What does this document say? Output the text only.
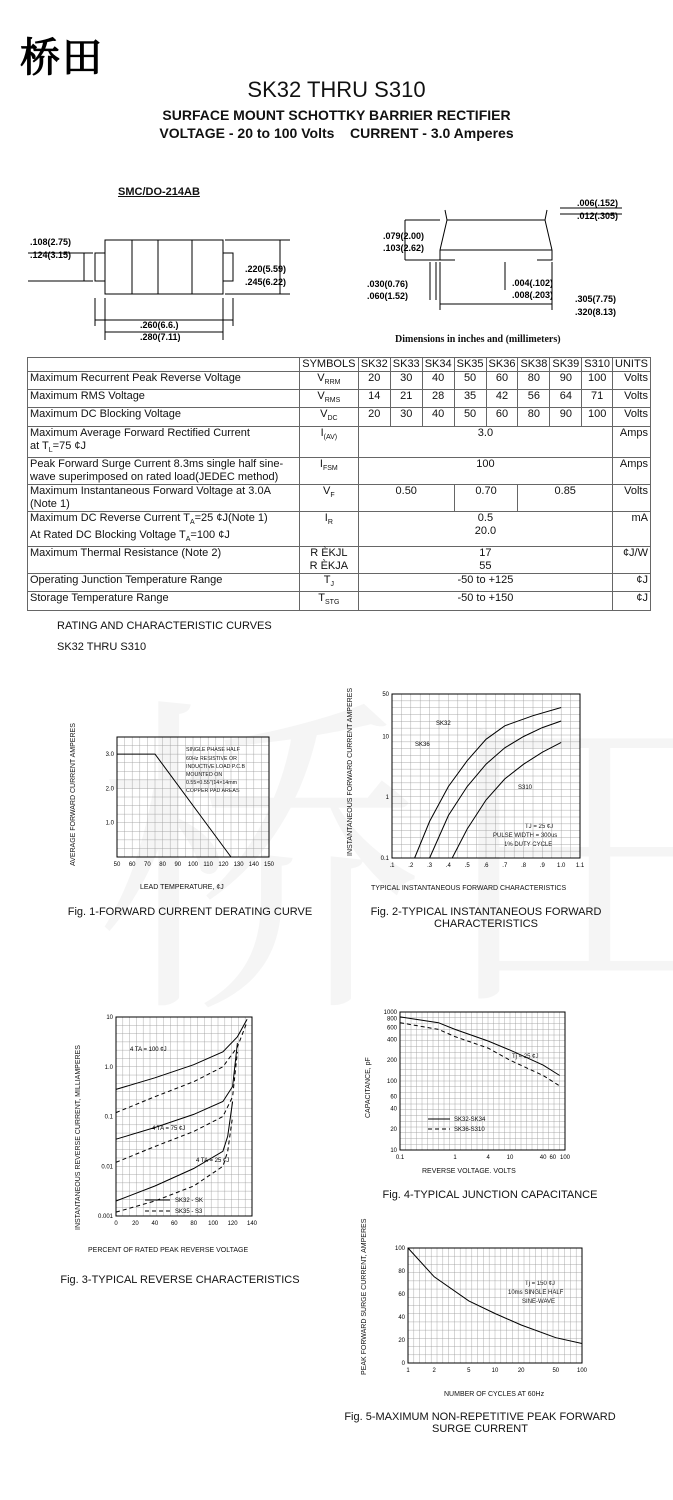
桥田
SK32 THRU S310
SURFACE MOUNT SCHOTTKY BARRIER RECTIFIER
VOLTAGE - 20 to 100 Volts    CURRENT - 3.0 Amperes
SMC/DO-214AB
.108(2.75)
.124(3.15)
.220(5.59)
.245(6.22)
.260(6.6.)
.280(7.11)
.079(2.00)
.103(2.62)
.006(.152)
.012(.305)
.030(0.76)
.060(1.52)
.004(.102)
.008(.203) .305(7.75)
.320(8.13)
Dimensions in inches and (millimeters)
	SYMBOLS	SK32	SK33	SK34	SK35	SK36	SK38	SK39	S310	UNITS
Maximum Recurrent Peak Reverse Voltage	$V_{RRM}$	20	30	40	50	60	80	90	100	Volts
Maximum RMS Voltage	$V_{RMS}$	14	21	28	35	42	56	64	71	Volts
Maximum DC Blocking Voltage	$V_{DC}$	20	30	40	50	60	80	90	100	Volts
Maximum Average Forward Rectified Current
at $T_L=75$ ¢J	$I_{(AV)}$	3.0								Amps
Peak Forward Surge Current 8.3ms single half sine-
wave superimposed on rated load(JEDEC method)	$I_{FSM}$	100								Amps
Maximum Instantaneous Forward Voltage at 3.0A
(Note 1)	$V_F$	0.50			0.70		0.85			Volts
Maximum DC Reverse Current $T_A=25$ ¢J(Note 1)
At Rated DC Blocking Voltage $T_A=100$ ¢J	$I_R$	0.5
20.0								mA
Maximum Thermal Resistance (Note 2)	R ÈKJL
R ÈKJA	17
55								¢J/W
Operating Junction Temperature Range	$T_J$	-50 to +125								¢J
Storage Temperature Range	$T_{STG}$	-50 to +150								¢J
RATING AND CHARACTERISTIC CURVES
SK32 THRU S310
AVERAGE FORWARD CURRENT AMPERES
LEAD TEMPERATURE, ¢J
SINGLE PHASE HALF
60Hz RESISTIVE OR
INDUCTIVE LOAD P.C.B
MOUNTED ON
0.55×0.55"(14×14mm
COPPER PAD AREAS	INSTANTANEOUS FORWARD CURRENT AMPERES
TYPICAL INSTANTANEOUS FORWARD CHARACTERISTICS
TJ = 25 ¢J
PULSE WIDTH = 300us
1% DUTY CYCLE
INSTANTANEOUS REVERSE CURRENT, MILLIAMPERES
PERCENT OF RATED PEAK REVERSE VOLTAGE
CAPACITANCE, pF
REVERSE VOLTAGE. VOLTS
Tj = 25 ¢J
PEAK FORWARD SURGE CURRENT, AMPERES
NUMBER OF CYCLES AT 60Hz
Tj = 150 ¢J
10ms SINGLE HALF
SINE-WAVE
50 60 70 80 90 100 110 120 130 140 150
1.0
2.0
3.0
.1 .2 .3 .4 .5 .6 .7 .8 .9 1.0 1.1
0.1
1
10
50
0 20 40 60 80 100 120 140
0.001
0.01
0.1
1.0
10
0.1	1	4	10	40 60 100
10
20
40
60
100
200
400
600
800
1000
1	2	5	10	20	50	100
0
20
40
60
80
100
SK32
SK36
S310
SK32 - SK
SK35 - S3
4 TA = 100 ¢J
4 TA = 75 ¢J
4 TA = 25 ¢J
SK32-SK34
SK36-S310
Fig. 1-FORWARD CURRENT DERATING CURVE	Fig. 2-TYPICAL INSTANTANEOUS FORWARD CHARACTERISTICS
Fig. 3-TYPICAL REVERSE CHARACTERISTICS
Fig. 4-TYPICAL JUNCTION CAPACITANCE
Fig. 5-MAXIMUM NON-REPETITIVE PEAK FORWARD SURGE CURRENT
